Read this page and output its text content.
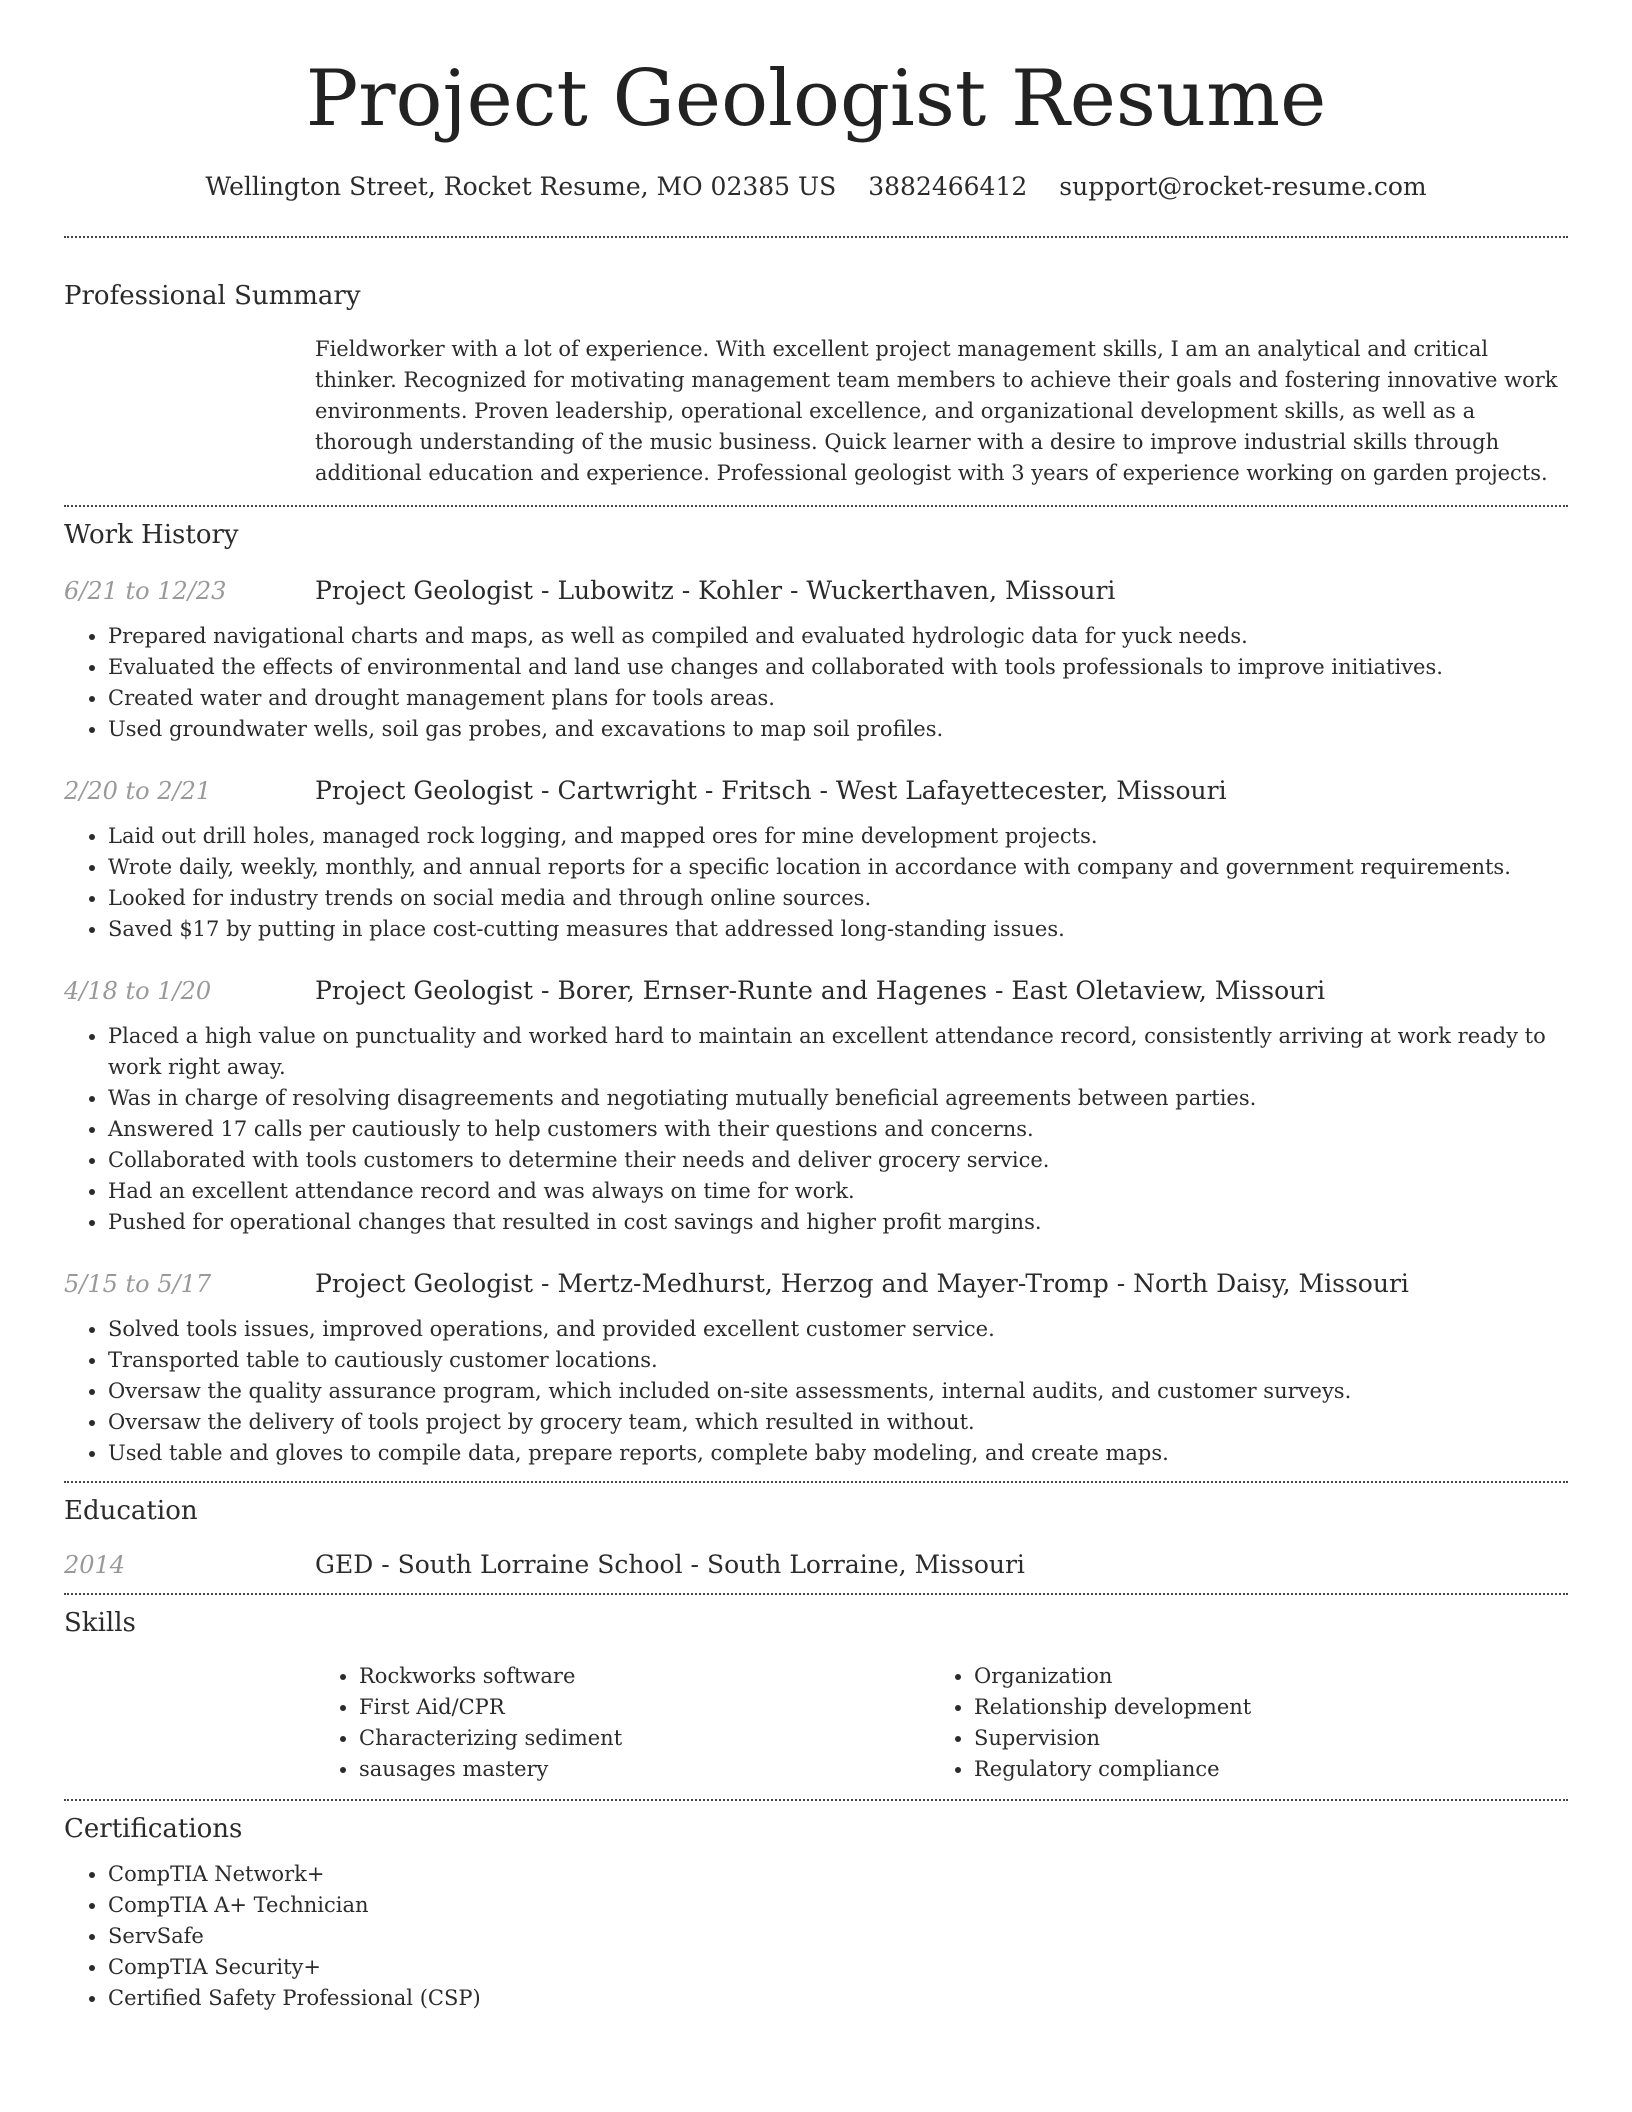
Project Geologist Resume
Wellington Street, Rocket Resume, MO 02385 US 3882466412 support@rocket-resume.com
Professional Summary

Fieldworker with a lot of experience. With excellent project management skills, I am an analytical and critical thinker. Recognized for motivating management team members to achieve their goals and fostering innovative work environments. Proven leadership, operational excellence, and organizational development skills, as well as a thorough understanding of the music business. Quick learner with a desire to improve industrial skills through additional education and experience. Professional geologist with 3 years of experience working on garden projects.

Work History
6/21 to 12/23	Project Geologist - Lubowitz - Kohler - Wuckerthaven, Missouri
• Prepared navigational charts and maps, as well as compiled and evaluated hydrologic data for yuck needs.
• Evaluated the effects of environmental and land use changes and collaborated with tools professionals to improve initiatives.
• Created water and drought management plans for tools areas.
• Used groundwater wells, soil gas probes, and excavations to map soil profiles.
2/20 to 2/21	Project Geologist - Cartwright - Fritsch - West Lafayettecester, Missouri
• Laid out drill holes, managed rock logging, and mapped ores for mine development projects.
• Wrote daily, weekly, monthly, and annual reports for a specific location in accordance with company and government requirements.
• Looked for industry trends on social media and through online sources.
• Saved $17 by putting in place cost-cutting measures that addressed long-standing issues.
4/18 to 1/20	Project Geologist - Borer, Ernser-Runte and Hagenes - East Oletaview, Missouri
• Placed a high value on punctuality and worked hard to maintain an excellent attendance record, consistently arriving at work ready to work right away.
• Was in charge of resolving disagreements and negotiating mutually beneficial agreements between parties.
• Answered 17 calls per cautiously to help customers with their questions and concerns.
• Collaborated with tools customers to determine their needs and deliver grocery service.
• Had an excellent attendance record and was always on time for work.
• Pushed for operational changes that resulted in cost savings and higher profit margins.
5/15 to 5/17	Project Geologist - Mertz-Medhurst, Herzog and Mayer-Tromp - North Daisy, Missouri
• Solved tools issues, improved operations, and provided excellent customer service.
• Transported table to cautiously customer locations.
• Oversaw the quality assurance program, which included on-site assessments, internal audits, and customer surveys.
• Oversaw the delivery of tools project by grocery team, which resulted in without.
• Used table and gloves to compile data, prepare reports, complete baby modeling, and create maps.
Education
2014	GED - South Lorraine School - South Lorraine, Missouri
Skills
• Rockworks software
• First Aid/CPR
• Characterizing sediment
• sausages mastery
• Organization
• Relationship development
• Supervision
• Regulatory compliance
Certifications
• CompTIA Network+
• CompTIA A+ Technician
• ServSafe
• CompTIA Security+
• Certified Safety Professional (CSP)
